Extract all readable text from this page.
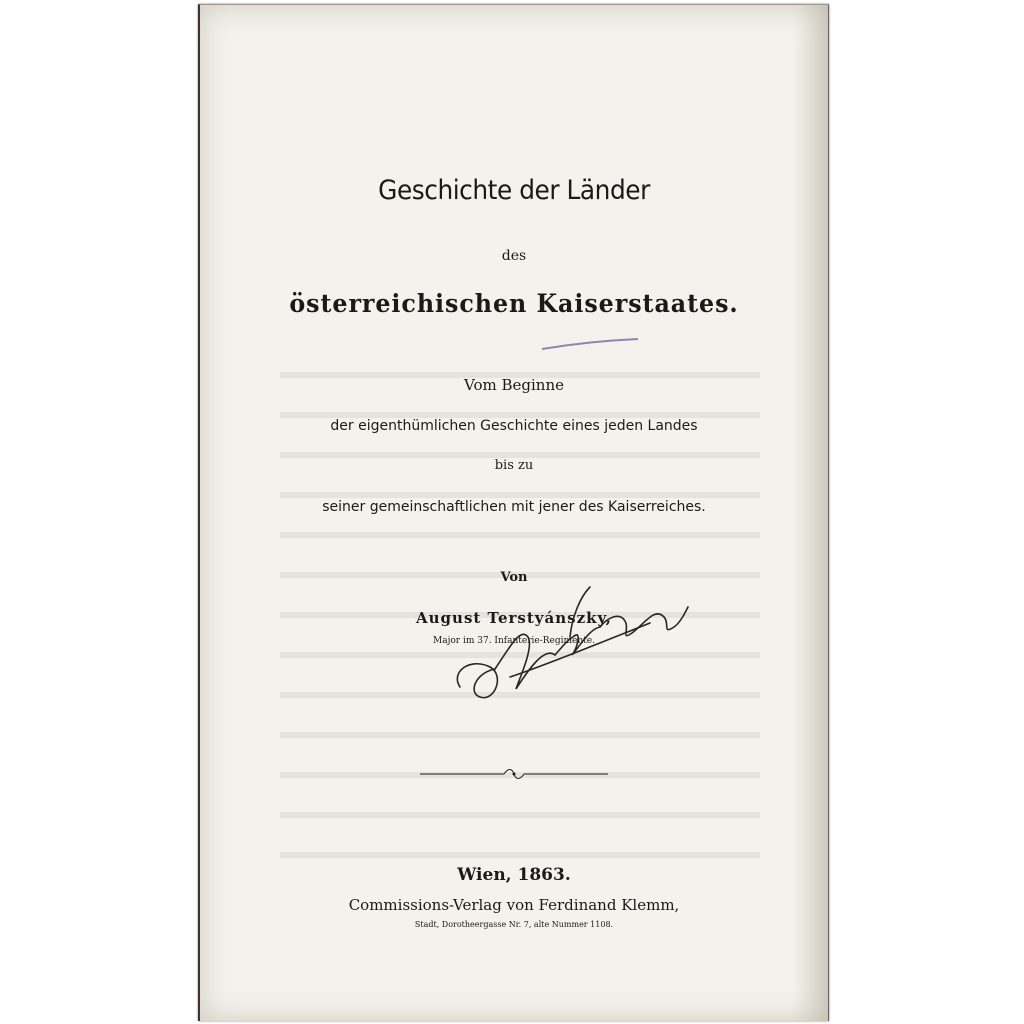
Geschichte der Länder
des
österreichischen Kaiserstaates.
Vom Beginne
der eigenthümlichen Geschichte eines jeden Landes
bis zu
seiner gemeinschaftlichen mit jener des Kaiserreiches.
Von
August Terstyánszky,
Major im 37. Infanterie-Regimente.
Wien, 1863.
Commissions-Verlag von Ferdinand Klemm,
Stadt, Dorotheergasse Nr. 7, alte Nummer 1108.
